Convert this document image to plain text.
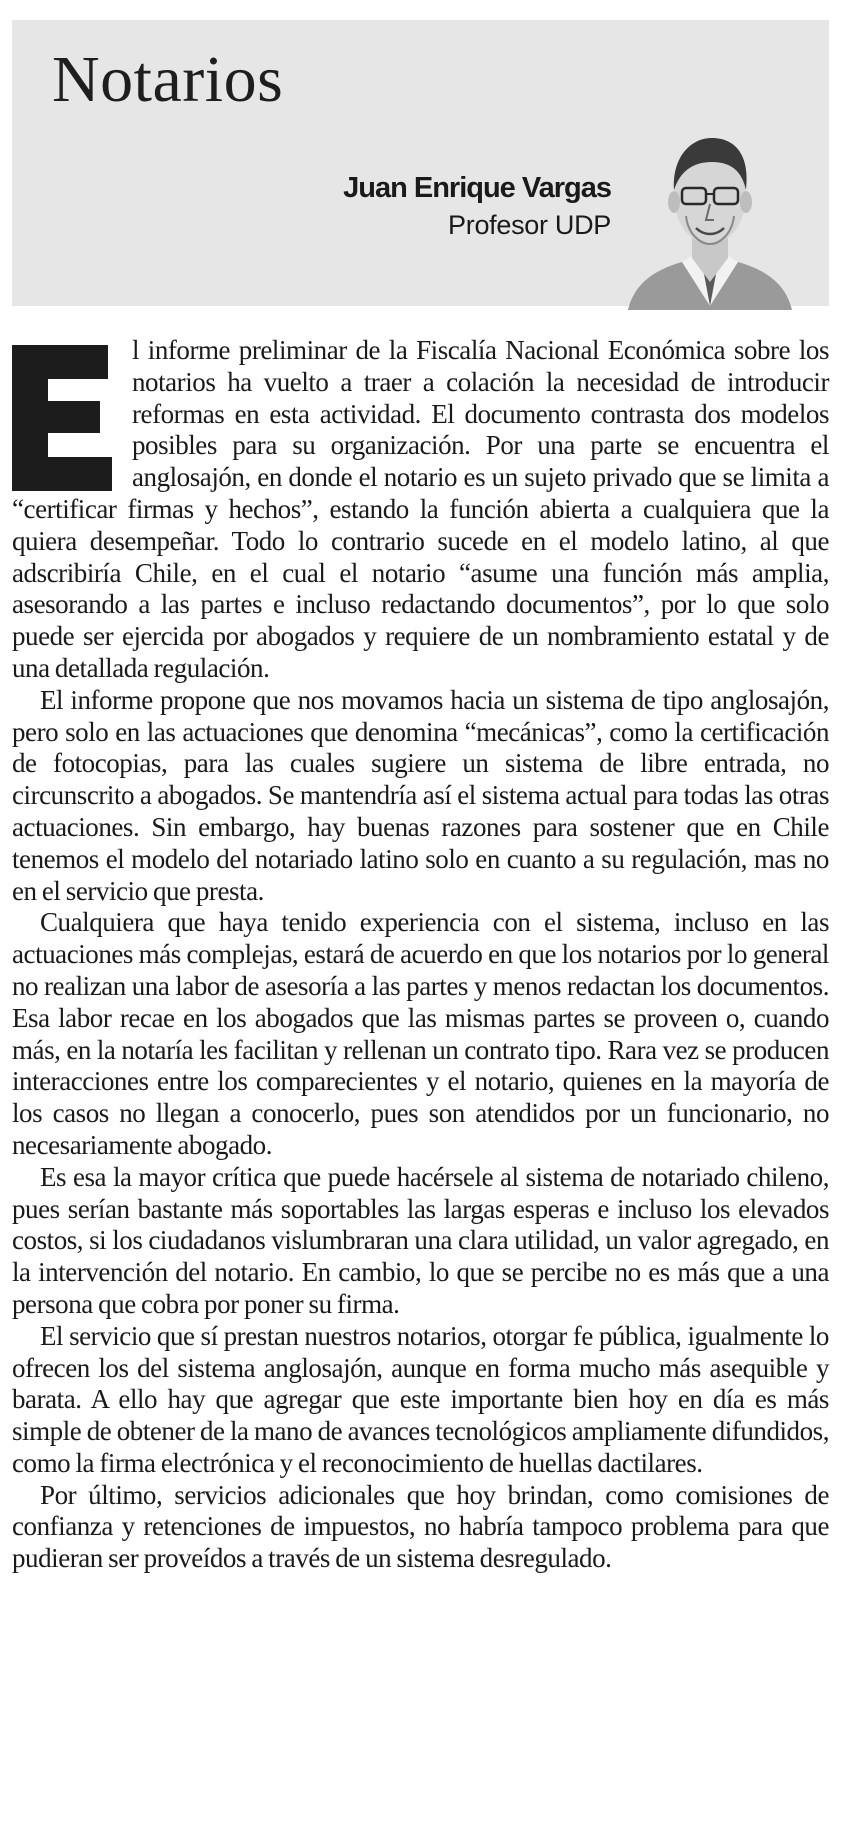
Notarios
Juan Enrique Vargas
Profesor UDP

l informe preliminar de la Fiscalía Nacional Económica sobre los notarios ha vuelto a traer a colación la necesidad de introducir reformas en esta actividad. El documento contrasta dos modelos posibles para su organización. Por una parte se encuentra el anglosajón, en donde el notario es un sujeto privado que se limita a “certificar firmas y hechos”, estando la función abierta a cualquiera que la quiera desempeñar. Todo lo contrario sucede en el modelo latino, al que adscribiría Chile, en el cual el notario “asume una función más amplia, asesorando a las partes e incluso redactando documentos”, por lo que solo puede ser ejercida por abogados y requiere de un nombramiento estatal y de una detallada regulación.

El informe propone que nos movamos hacia un sistema de tipo anglosajón, pero solo en las actuaciones que denomina “mecánicas”, como la certificación de fotocopias, para las cuales sugiere un sistema de libre entrada, no circunscrito a abogados. Se mantendría así el sistema actual para todas las otras actuaciones. Sin embargo, hay buenas razones para sostener que en Chile tenemos el modelo del notariado latino solo en cuanto a su regulación, mas no en el servicio que presta.

Cualquiera que haya tenido experiencia con el sistema, incluso en las actuaciones más complejas, estará de acuerdo en que los notarios por lo general no realizan una labor de asesoría a las partes y menos redactan los documentos. Esa labor recae en los abogados que las mismas partes se proveen o, cuando más, en la notaría les facilitan y rellenan un contrato tipo. Rara vez se producen interacciones entre los comparecientes y el notario, quienes en la mayoría de los casos no llegan a conocerlo, pues son atendidos por un funcionario, no necesariamente abogado.

Es esa la mayor crítica que puede hacérsele al sistema de notariado chileno, pues serían bastante más soportables las largas esperas e incluso los elevados costos, si los ciudadanos vislumbraran una clara utilidad, un valor agregado, en la intervención del notario. En cambio, lo que se percibe no es más que a una persona que cobra por poner su firma.

El servicio que sí prestan nuestros notarios, otorgar fe pública, igualmente lo ofrecen los del sistema anglosajón, aunque en forma mucho más asequible y barata. A ello hay que agregar que este importante bien hoy en día es más simple de obtener de la mano de avances tecnológicos ampliamente difundidos, como la firma electrónica y el reconocimiento de huellas dactilares.

Por último, servicios adicionales que hoy brindan, como comisiones de confianza y retenciones de impuestos, no habría tampoco problema para que pudieran ser proveídos a través de un sistema desregulado.
